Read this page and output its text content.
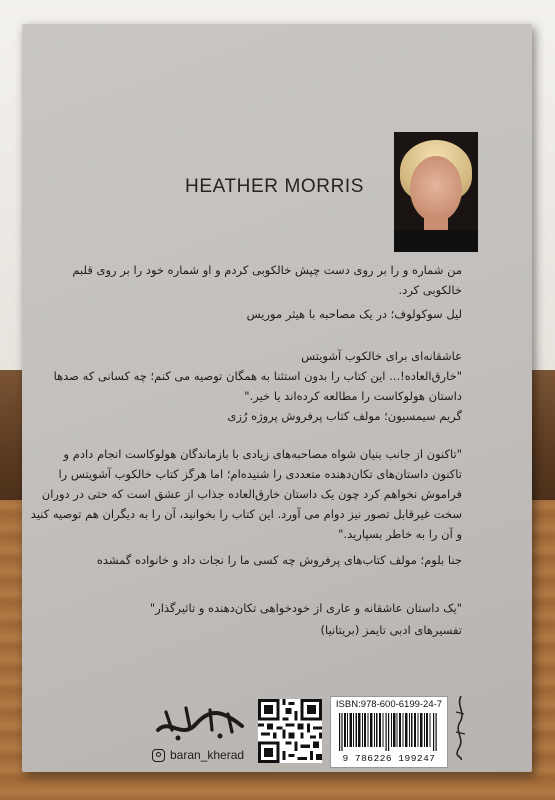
HEATHER MORRIS
من شماره‌ و را بر روی دست چپش خالکوبی کردم و او شماره خود را بر روی قلبم
خالکوبی کرد.
لیل سوکولوف؛ در یک مصاحبه با هیثر موریس
عاشقانه‌ای برای خالکوب آشویتس
"خارق‌العاده!... این کتاب را بدون استثنا به همگان توصیه می کنم؛ چه کسانی که صدها
داستان هولوکاست را مطالعه کرده‌اند یا خیر."
گریم سیمسیون؛ مولف کتاب پرفروش پروژه رُزی
"تاکنون از جانب بنیان شواه مصاحبه‌های زیادی با بازماندگان هولوکاست انجام دادم و
تاکنون داستان‌های تکان‌دهنده متعددی را شنیده‌ام؛ اما هرگز کتاب خالکوب آشویتس را
فراموش نخواهم کرد چون یک داستان خارق‌العاده جذاب از عشق است که حتی در دوران
سخت غیرقابل تصور نیز دوام می آورد. این کتاب را بخوانید، آن را به دیگران هم توصیه کنید
و آن را به خاطر بسپارید."
جنا بلوم؛ مولف کتاب‌های پرفروش چه کسی ما را نجات داد و خانواده گمشده
"یک داستان عاشقانه و عاری از خودخواهی تکان‌دهنده و تاثیرگذار"
تفسیرهای ادبی تایمز (بریتانیا)
baran_kherad
ISBN:978-600-6199-24-7
9 786226 199247
